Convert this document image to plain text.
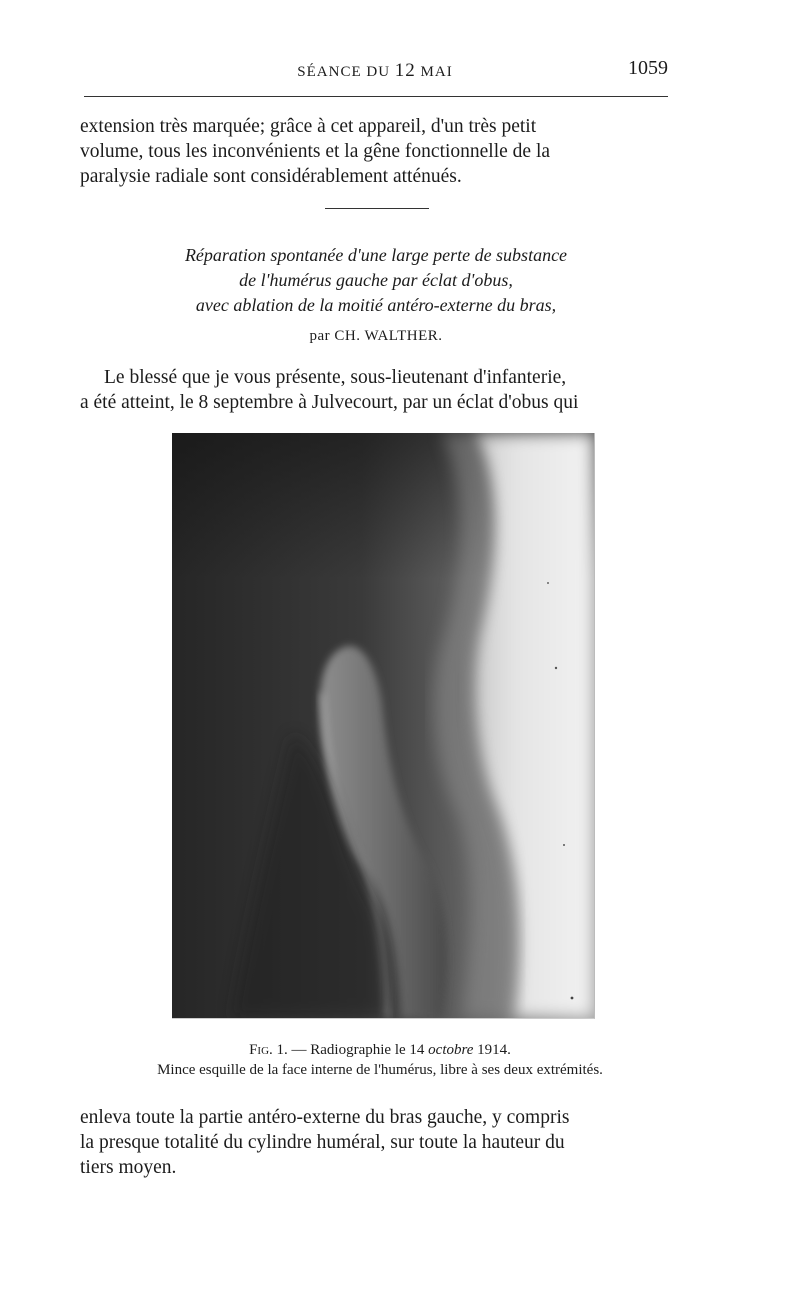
SÉANCE DU 12 MAI	1059

extension très marquée; grâce à cet appareil, d'un très petit

volume, tous les inconvénients et la gêne fonctionnelle de la

paralysie radiale sont considérablement atténués.

Réparation spontanée d'une large perte de substance
de l'humérus gauche par éclat d'obus,
avec ablation de la moitié antéro-externe du bras,
par CH. WALTHER.

Le blessé que je vous présente, sous-lieutenant d'infanterie,

a été atteint, le 8 septembre à Julvecourt, par un éclat d'obus qui

Fig. 1. — Radiographie le 14 octobre 1914.
Mince esquille de la face interne de l'humérus, libre à ses deux extrémités.

enleva toute la partie antéro-externe du bras gauche, y compris

la presque totalité du cylindre huméral, sur toute la hauteur du

tiers moyen.
